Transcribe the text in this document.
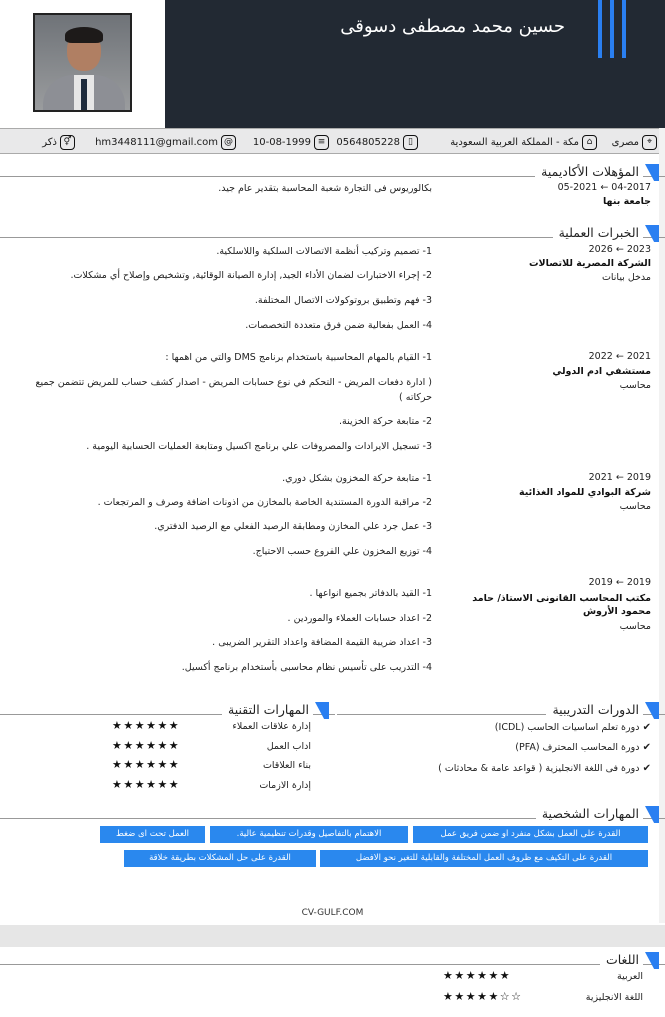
حسين محمد مصطفى دسوقى
⌖
مصرى
⌂
مكة - المملكة العربية السعودية
▯
0564805228
≡
10-08-1999
@
hm3448111@gmail.com
⚥
ذكر
المؤهلات الأكاديمية
04-2017 ← 05-2021
جامعة بنها
بكالوريوس فى التجارة شعبة المحاسبة بتقدير عام جيد.
الخبرات العملية
2023 ← 2026
الشركة المصرية للاتصالات
مدخل بيانات
1- تصميم وتركيب أنظمة الاتصالات السلكية واللاسلكية.
2- إجراء الاختبارات لضمان الأداء الجيد, إدارة الصيانة الوقائية, وتشخيص وإصلاح أي مشكلات.
3- فهم وتطبيق بروتوكولات الاتصال المختلفة.
4- العمل بفعالية ضمن فرق متعددة التخصصات.
2021 ← 2022
مستشفي ادم الدولي
محاسب
1- القيام بالمهام المحاسبية باستخدام برنامج DMS والتي من اهمها :
( ادارة دفعات المريض - التحكم في نوع حسابات المريض - اصدار كشف حساب للمريض تتضمن جميع حركاته )
2- متابعة حركة الخزينة.
3- تسجيل الايرادات والمصروفات علي برنامج اكسيل ومتابعة العمليات الحسابية اليومية .
2019 ← 2021
شركة البوادي للمواد الغذائية
محاسب
1- متابعة حركة المخزون بشكل دوري.
2- مراقبة الدورة المستندية الخاصة بالمخازن من اذونات اضافة وصرف و المرتجعات .
3- عمل جرد علي المخازن ومطابقة الرصيد الفعلي مع الرصيد الدفتري.
4- توزيع المخزون علي الفروع حسب الاحتياج.
2019 ← 2019
مكتب المحاسب القانونى الاستاذ/ حامد محمود الأروش
محاسب
1- القيد بالدفاتر بجميع انواعها .
2- اعداد حسابات العملاء والموردين .
3- اعداد ضريبة القيمة المضافة واعداد التقرير الضريبى .
4- التدريب على تأسيس نظام محاسبى بأستخدام برنامج أكسيل.
الدورات التدريبية
✔ دورة تعلم اساسيات الحاسب (ICDL)
✔ دورة المحاسب المحترف (PFA)
✔ دورة فى اللغة الانجليزية ( قواعد عامة & محادثات )
المهارات التقنية
إدارة علاقات العملاء
★★★★★★
اداب العمل
★★★★★★
بناء العلاقات
★★★★★★
إدارة الازمات
★★★★★★
المهارات الشخصية
القدرة على العمل بشكل منفرد او ضمن فريق عمل
الاهتمام بالتفاصيل وقدرات تنظيمية عالية.
العمل تحت اى ضغط
القدرة على التكيف مع ظروف العمل المختلفة والقابلية للتغير نحو الافضل
القدرة على حل المشكلات بطريقة خلاقة
CV-GULF.COM
اللغات
العربية
★★★★★★
اللغة الانجليزية
★★★★★☆☆
